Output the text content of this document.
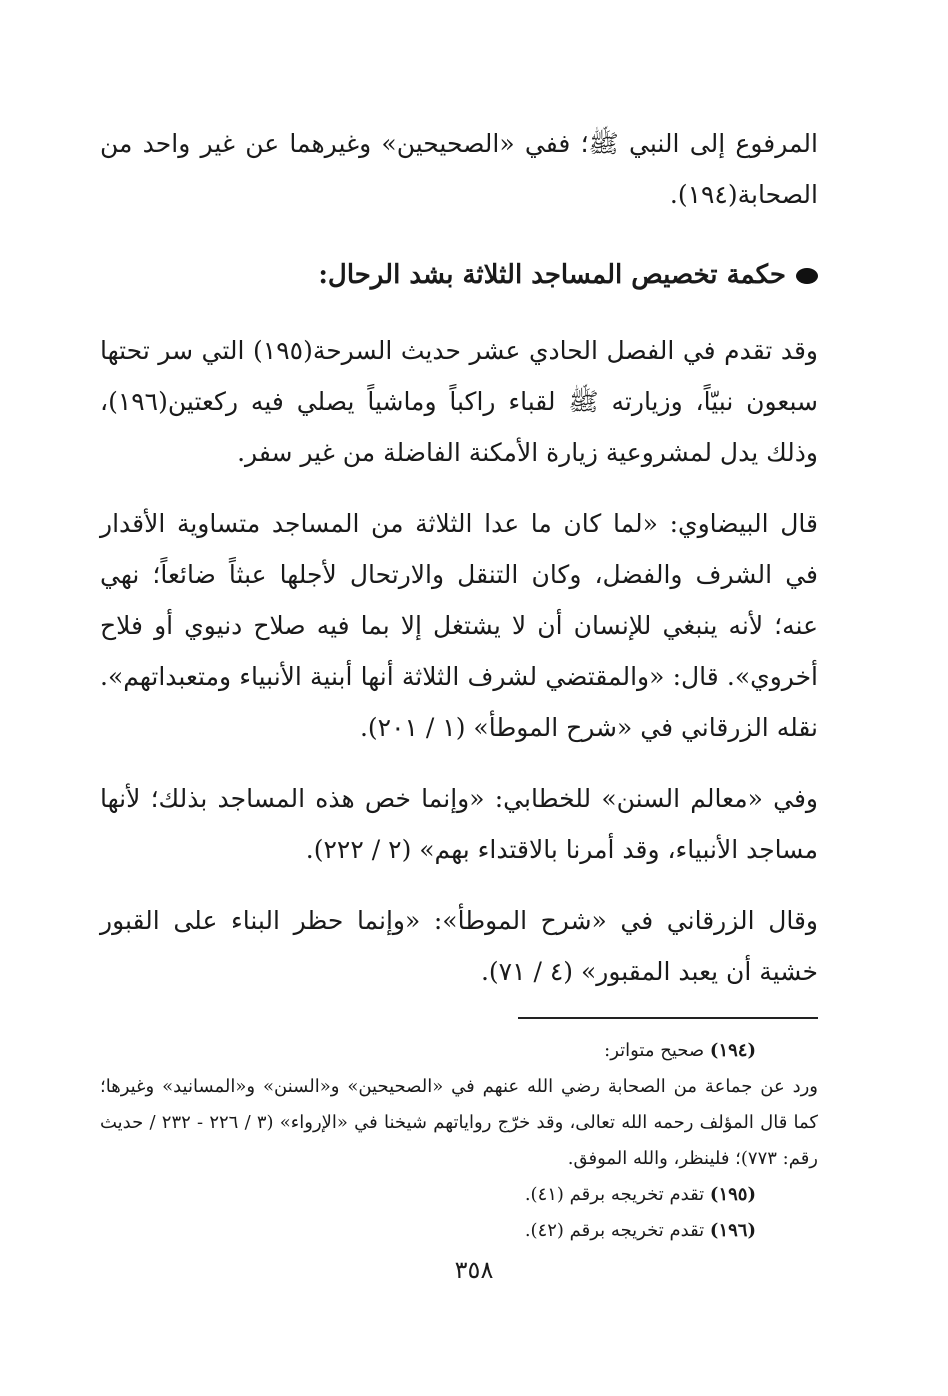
المرفوع إلى النبي ﷺ؛ ففي «الصحيحين» وغيرهما عن غير واحد من الصحابة(١٩٤).

حكمة تخصيص المساجد الثلاثة بشد الرحال:

وقد تقدم في الفصل الحادي عشر حديث السرحة(١٩٥) التي سر تحتها سبعون نبيّاً، وزيارته ﷺ لقباء راكباً وماشياً يصلي فيه ركعتين(١٩٦)، وذلك يدل لمشروعية زيارة الأمكنة الفاضلة من غير سفر.

قال البيضاوي: «لما كان ما عدا الثلاثة من المساجد متساوية الأقدار في الشرف والفضل، وكان التنقل والارتحال لأجلها عبثاً ضائعاً؛ نهي عنه؛ لأنه ينبغي للإنسان أن لا يشتغل إلا بما فيه صلاح دنيوي أو فلاح أخروي». قال: «والمقتضي لشرف الثلاثة أنها أبنية الأنبياء ومتعبداتهم». نقله الزرقاني في «شرح الموطأ» (١ / ٢٠١).

وفي «معالم السنن» للخطابي: «وإنما خص هذه المساجد بذلك؛ لأنها مساجد الأنبياء، وقد أمرنا بالاقتداء بهم» (٢ / ٢٢٢).

وقال الزرقاني في «شرح الموطأ»: «وإنما حظر البناء على القبور خشية أن يعبد المقبور» (٤ / ٧١).

(١٩٤) صحيح متواتر:
ورد عن جماعة من الصحابة رضي الله عنهم في «الصحيحين» و«السنن» و«المسانيد» وغيرها؛ كما قال المؤلف رحمه الله تعالى، وقد خرّج رواياتهم شيخنا في «الإرواء» (٣ / ٢٢٦ - ٢٣٢ / حديث رقم: ٧٧٣)؛ فلينظر، والله الموفق.
(١٩٥) تقدم تخريجه برقم (٤١).
(١٩٦) تقدم تخريجه برقم (٤٢).
٣٥٨
